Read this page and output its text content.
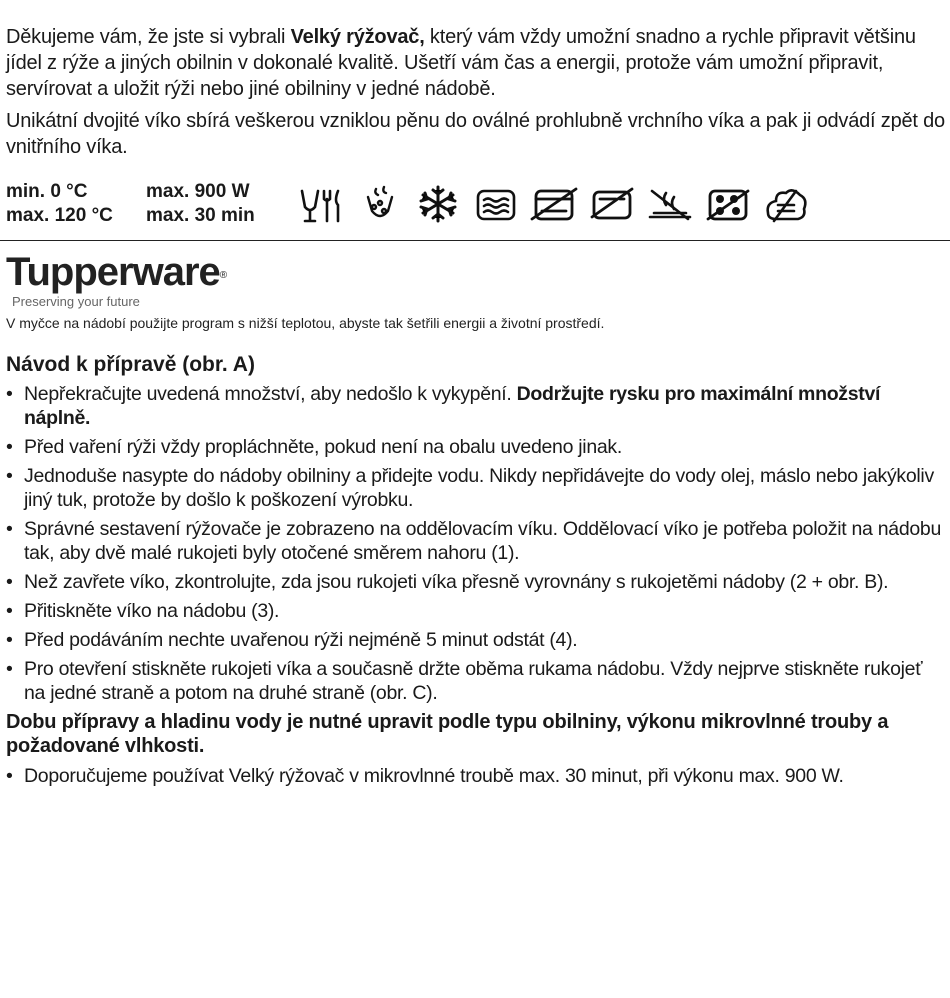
Děkujeme vám, že jste si vybrali Velký rýžovač, který vám vždy umožní snadno a rychle připravit většinu jídel z rýže a jiných obilnin v dokonalé kvalitě. Ušetří vám čas a energii, protože vám umožní připravit, servírovat a uložit rýži nebo jiné obilniny v jedné nádobě.

Unikátní dvojité víko sbírá veškerou vzniklou pěnu do oválné prohlubně vrchního víka a pak ji odvádí zpět do vnitřního víka.

min. 0 °C
max. 120 °C
max. 900 W
max. 30 min
Tupperware®
Preserving your future
V myčce na nádobí použijte program s nižší teplotou, abyste tak šetřili energii a životní prostředí.
Návod k přípravě (obr. A)
• Nepřekračujte uvedená množství, aby nedošlo k vykypění. Dodržujte rysku pro maximální množství náplně.
• Před vaření rýži vždy propláchněte, pokud není na obalu uvedeno jinak.
• Jednoduše nasypte do nádoby obilniny a přidejte vodu. Nikdy nepřidávejte do vody olej, máslo nebo jakýkoliv jiný tuk, protože by došlo k poškození výrobku.
• Správné sestavení rýžovače je zobrazeno na oddělovacím víku. Oddělovací víko je potřeba položit na nádobu tak, aby dvě malé rukojeti byly otočené směrem nahoru (1).
• Než zavřete víko, zkontrolujte, zda jsou rukojeti víka přesně vyrovnány s rukojetěmi nádoby (2 + obr. B).
• Přitiskněte víko na nádobu (3).
• Před podáváním nechte uvařenou rýži nejméně 5 minut odstát (4).
• Pro otevření stiskněte rukojeti víka a současně držte oběma rukama nádobu. Vždy nejprve stiskněte rukojeť na jedné straně a potom na druhé straně (obr. C).

Dobu přípravy a hladinu vody je nutné upravit podle typu obilniny, výkonu mikrovlnné trouby a požadované vlhkosti.

• Doporučujeme používat Velký rýžovač v mikrovlnné troubě max. 30 minut, při výkonu max. 900 W.
